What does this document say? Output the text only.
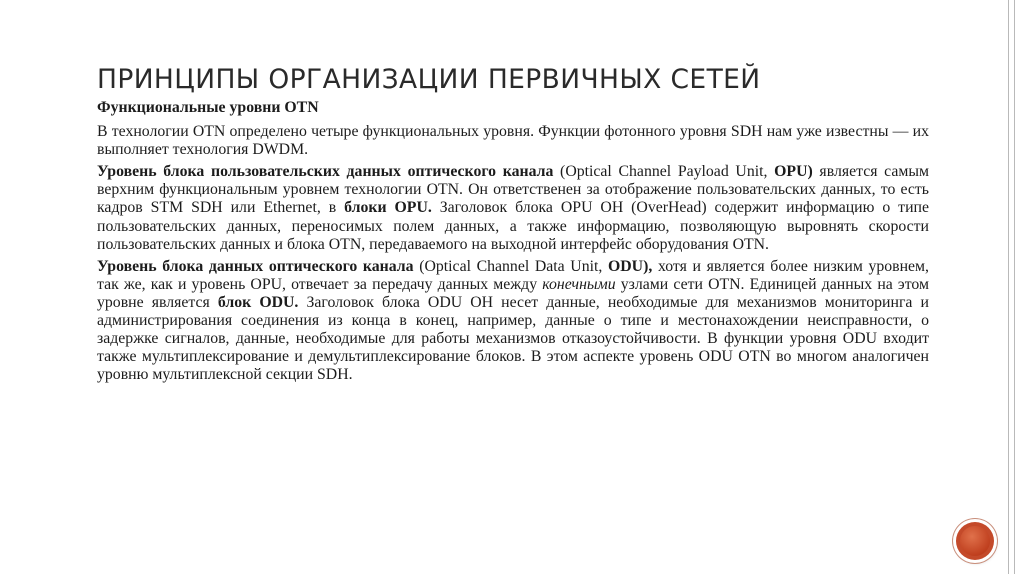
ПРИНЦИПЫ ОРГАНИЗАЦИИ ПЕРВИЧНЫХ СЕТЕЙ

Функциональные уровни OTN

В технологии OTN определено четыре функциональных уровня. Функции фотонного уровня SDH нам уже известны — их выполняет технология DWDM.

Уровень блока пользовательских данных оптического канала (Optical Channel Payload Unit, OPU) является самым верхним функциональным уровнем технологии OTN. Он ответственен за отображение пользовательских данных, то есть кадров STM SDH или Ethernet, в блоки OPU. Заголовок блока OPU OH (OverHead) содержит информацию о типе пользовательских данных, переносимых полем данных, а также информацию, позволяющую выровнять скорости пользовательских данных и блока OTN, передаваемого на выходной интерфейс оборудования OTN.

Уровень блока данных оптического канала (Optical Channel Data Unit, ODU), хотя и является более низким уровнем, так же, как и уровень OPU, отвечает за передачу данных между конечными узлами сети OTN. Единицей данных на этом уровне является блок ODU. Заголовок блока ODU OH несет данные, необходимые для механизмов мониторинга и администрирования соединения из конца в конец, например, данные о типе и местонахождении неисправности, о задержке сигналов, данные, необходимые для работы механизмов отказоустойчивости. В функции уровня ODU входит также мультиплексирование и демультиплексирование блоков. В этом аспекте уровень ODU OTN во многом аналогичен уровню мультиплексной секции SDH.
